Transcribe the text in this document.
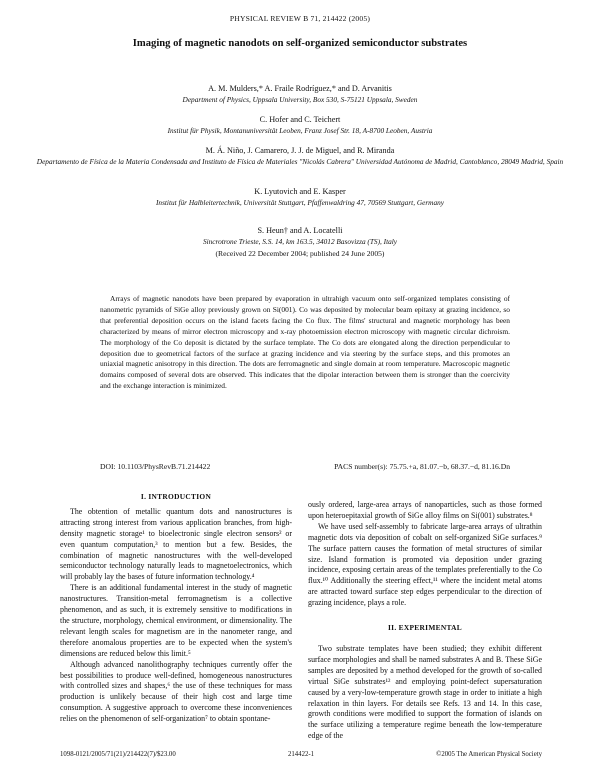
PHYSICAL REVIEW B 71, 214422 (2005)
Imaging of magnetic nanodots on self-organized semiconductor substrates
A. M. Mulders,* A. Fraile Rodríguez,* and D. Arvanitis
Department of Physics, Uppsala University, Box 530, S-75121 Uppsala, Sweden
C. Hofer and C. Teichert
Institut für Physik, Montanuniversität Leoben, Franz Josef Str. 18, A-8700 Leoben, Austria
M. Á. Niño, J. Camarero, J. J. de Miguel, and R. Miranda
Departamento de Física de la Materia Condensada and Instituto de Física de Materiales "Nicolás Cabrera" Universidad Autónoma de Madrid, Cantoblanco, 28049 Madrid, Spain
K. Lyutovich and E. Kasper
Institut für Halbleitertechnik, Universität Stuttgart, Pfaffenwaldring 47, 70569 Stuttgart, Germany
S. Heun† and A. Locatelli
Sincrotrone Trieste, S.S. 14, km 163.5, 34012 Basovizza (TS), Italy
(Received 22 December 2004; published 24 June 2005)
Arrays of magnetic nanodots have been prepared by evaporation in ultrahigh vacuum onto self-organized templates consisting of nanometric pyramids of SiGe alloy previously grown on Si(001). Co was deposited by molecular beam epitaxy at grazing incidence, so that preferential deposition occurs on the island facets facing the Co flux. The films' structural and magnetic morphology has been characterized by means of mirror electron microscopy and x-ray photoemission electron microscopy with magnetic circular dichroism. The morphology of the Co deposit is dictated by the surface template. The Co dots are elongated along the direction perpendicular to deposition due to geometrical factors of the surface at grazing incidence and via steering by the surface steps, and this promotes an uniaxial magnetic anisotropy in this direction. The dots are ferromagnetic and single domain at room temperature. Macroscopic magnetic domains composed of several dots are observed. This indicates that the dipolar interaction between them is stronger than the coercivity and the exchange interaction is minimized.
DOI: 10.1103/PhysRevB.71.214422	PACS number(s): 75.75.+a, 81.07.−b, 68.37.−d, 81.16.Dn
I. INTRODUCTION

The obtention of metallic quantum dots and nanostructures is attracting strong interest from various application branches, from high-density magnetic storage¹ to bioelectronic single electron sensors² or even quantum computation,³ to mention but a few. Besides, the combination of magnetic nanostructures with the well-developed semiconductor technology naturally leads to magnetoelectronics, which will probably lay the bases of future information technology.⁴

There is an additional fundamental interest in the study of magnetic nanostructures. Transition-metal ferromagnetism is a collective phenomenon, and as such, it is extremely sensitive to modifications in the structure, morphology, chemical environment, or dimensionality. The relevant length scales for magnetism are in the nanometer range, and therefore anomalous properties are to be expected when the system's dimensions are reduced below this limit.⁵

Although advanced nanolithography techniques currently offer the best possibilities to produce well-defined, homogeneous nanostructures with controlled sizes and shapes,⁶ the use of these techniques for mass production is unlikely because of their high cost and large time consumption. A suggestive approach to overcome these inconveniences relies on the phenomenon of self-organization⁷ to obtain spontane-

ously ordered, large-area arrays of nanoparticles, such as those formed upon heteroepitaxial growth of SiGe alloy films on Si(001) substrates.⁸

We have used self-assembly to fabricate large-area arrays of ultrathin magnetic dots via deposition of cobalt on self-organized SiGe surfaces.⁹ The surface pattern causes the formation of metal structures of similar size. Island formation is promoted via deposition under grazing incidence, exposing certain areas of the templates preferentially to the Co flux.¹⁰ Additionally the steering effect,¹¹ where the incident metal atoms are attracted toward surface step edges perpendicular to the direction of grazing incidence, plays a role.

II. EXPERIMENTAL

Two substrate templates have been studied; they exhibit different surface morphologies and shall be named substrates A and B. These SiGe samples are deposited by a method developed for the growth of so-called virtual SiGe substrates¹² and employing point-defect supersaturation caused by a very-low-temperature growth stage in order to initiate a high relaxation in thin layers. For details see Refs. 13 and 14. In this case, growth conditions were modified to support the formation of islands on the surface utilizing a temperature regime beneath the low-temperature edge of the

1098-0121/2005/71(21)/214422(7)/$23.00	214422-1	©2005 The American Physical Society
